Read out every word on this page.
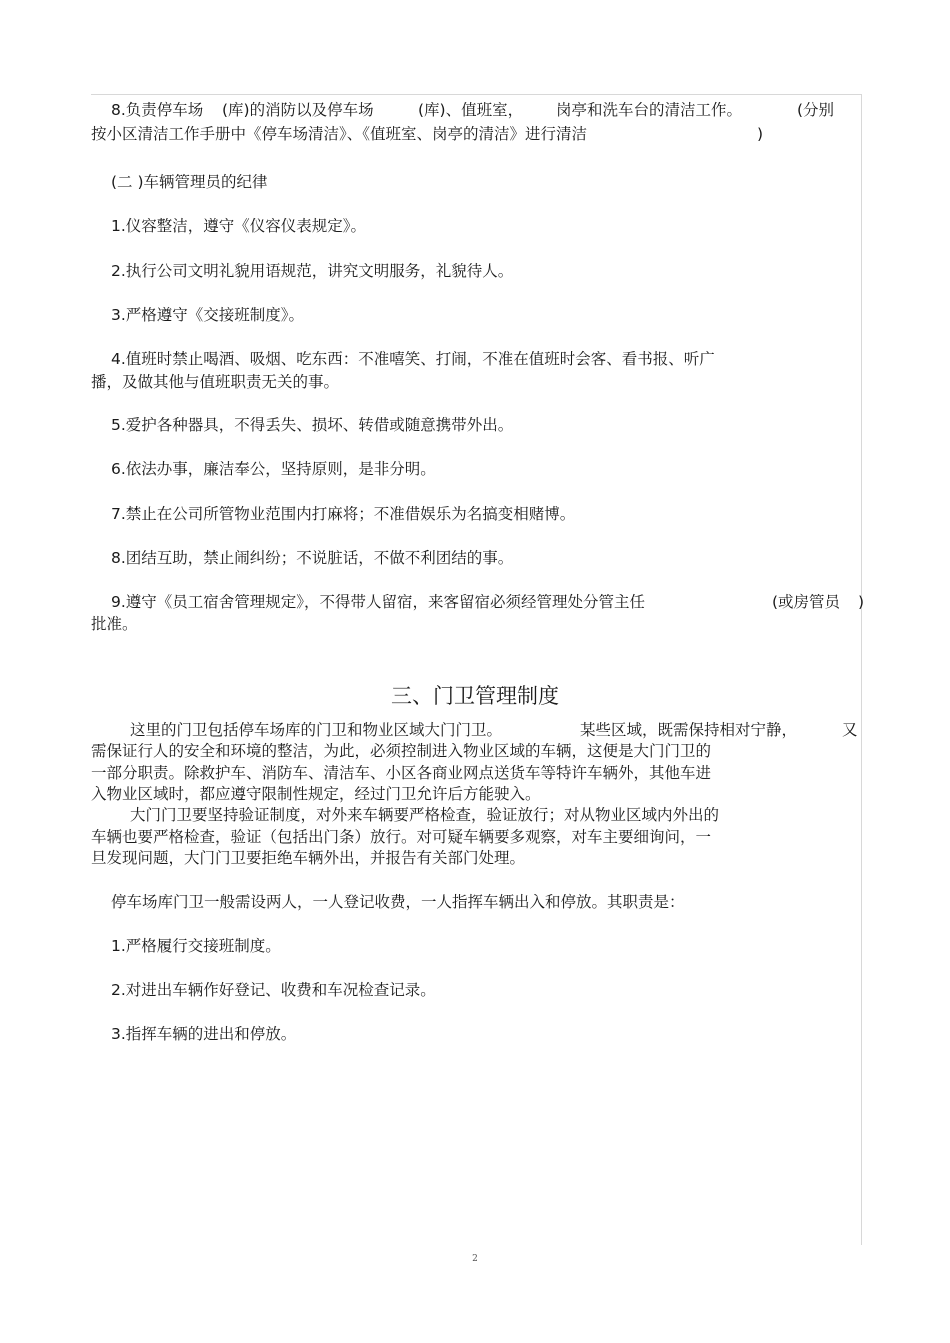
8.负责停车场 (库)的消防以及停车场	(库)、值班室， 岗亭和洗车台的清洁工作。	(分别
按小区清洁工作手册中《停车场清洁》、《值班室、岗亭的清洁》进行清洁	)
(二 )车辆管理员的纪律
1.仪容整洁，遵守《仪容仪表规定》。
2.执行公司文明礼貌用语规范，讲究文明服务，礼貌待人。
3.严格遵守《交接班制度》。
4.值班时禁止喝酒、吸烟、吃东西：不准嘻笑、打闹，不准在值班时会客、看书报、听广
播，及做其他与值班职责无关的事。
5.爱护各种器具，不得丢失、损坏、转借或随意携带外出。
6.依法办事，廉洁奉公，坚持原则，是非分明。
7.禁止在公司所管物业范围内打麻将；不准借娱乐为名搞变相赌博。
8.团结互助，禁止闹纠纷；不说脏话，不做不利团结的事。
9.遵守《员工宿舍管理规定》，不得带人留宿，来客留宿必须经管理处分管主任	(或房管员 )
批准。
三、门卫管理制度
这里的门卫包括停车场库的门卫和物业区域大门门卫。	某些区域，既需保持相对宁静，	又
需保证行人的安全和环境的整洁，为此，必须控制进入物业区域的车辆，这便是大门门卫的
一部分职责。除救护车、消防车、清洁车、小区各商业网点送货车等特许车辆外，其他车进
入物业区域时，都应遵守限制性规定，经过门卫允许后方能驶入。
大门门卫要坚持验证制度，对外来车辆要严格检查，验证放行；对从物业区域内外出的
车辆也要严格检查，验证（包括出门条）放行。对可疑车辆要多观察，对车主要细询问，一
旦发现问题，大门门卫要拒绝车辆外出，并报告有关部门处理。
停车场库门卫一般需设两人，一人登记收费，一人指挥车辆出入和停放。其职责是：
1.严格履行交接班制度。
2.对进出车辆作好登记、收费和车况检查记录。
3.指挥车辆的进出和停放。
2
